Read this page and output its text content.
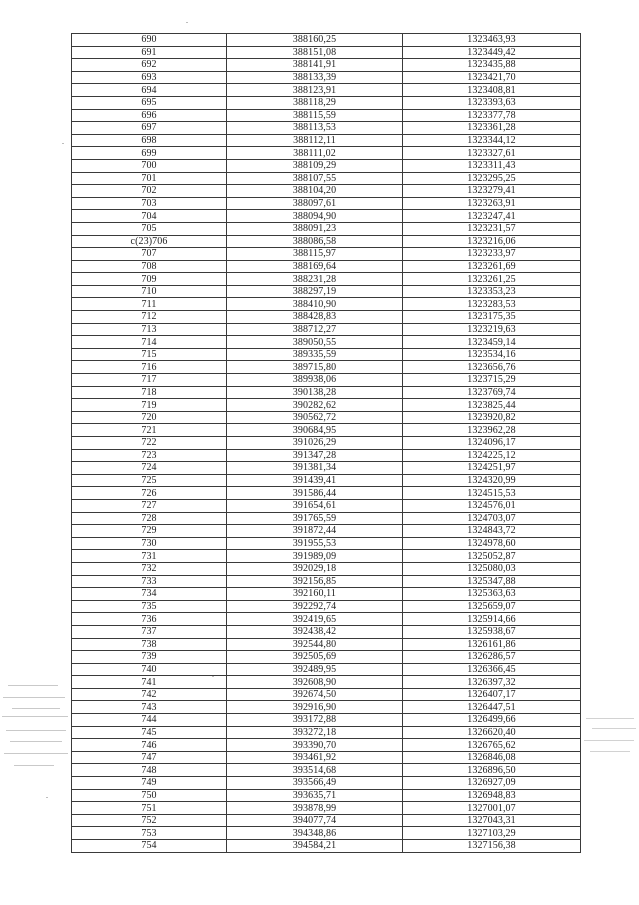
690	388160,25	1323463,93
691	388151,08	1323449,42
692	388141,91	1323435,88
693	388133,39	1323421,70
694	388123,91	1323408,81
695	388118,29	1323393,63
696	388115,59	1323377,78
697	388113,53	1323361,28
698	388112,11	1323344,12
699	388111,02	1323327,61
700	388109,29	1323311,43
701	388107,55	1323295,25
702	388104,20	1323279,41
703	388097,61	1323263,91
704	388094,90	1323247,41
705	388091,23	1323231,57
c(23)706	388086,58	1323216,06
707	388115,97	1323233,97
708	388169,64	1323261,69
709	388231,28	1323261,25
710	388297,19	1323353,23
711	388410,90	1323283,53
712	388428,83	1323175,35
713	388712,27	1323219,63
714	389050,55	1323459,14
715	389335,59	1323534,16
716	389715,80	1323656,76
717	389938,06	1323715,29
718	390138,28	1323769,74
719	390282,62	1323825,44
720	390562,72	1323920,82
721	390684,95	1323962,28
722	391026,29	1324096,17
723	391347,28	1324225,12
724	391381,34	1324251,97
725	391439,41	1324320,99
726	391586,44	1324515,53
727	391654,61	1324576,01
728	391765,59	1324703,07
729	391872,44	1324843,72
730	391955,53	1324978,60
731	391989,09	1325052,87
732	392029,18	1325080,03
733	392156,85	1325347,88
734	392160,11	1325363,63
735	392292,74	1325659,07
736	392419,65	1325914,66
737	392438,42	1325938,67
738	392544,80	1326161,86
739	392505,69	1326286,57
740	392489,95	1326366,45
741	392608,90	1326397,32
742	392674,50	1326407,17
743	392916,90	1326447,51
744	393172,88	1326499,66
745	393272,18	1326620,40
746	393390,70	1326765,62
747	393461,92	1326846,08
748	393514,68	1326896,50
749	393566,49	1326927,09
750	393635,71	1326948,83
751	393878,99	1327001,07
752	394077,74	1327043,31
753	394348,86	1327103,29
754	394584,21	1327156,38
